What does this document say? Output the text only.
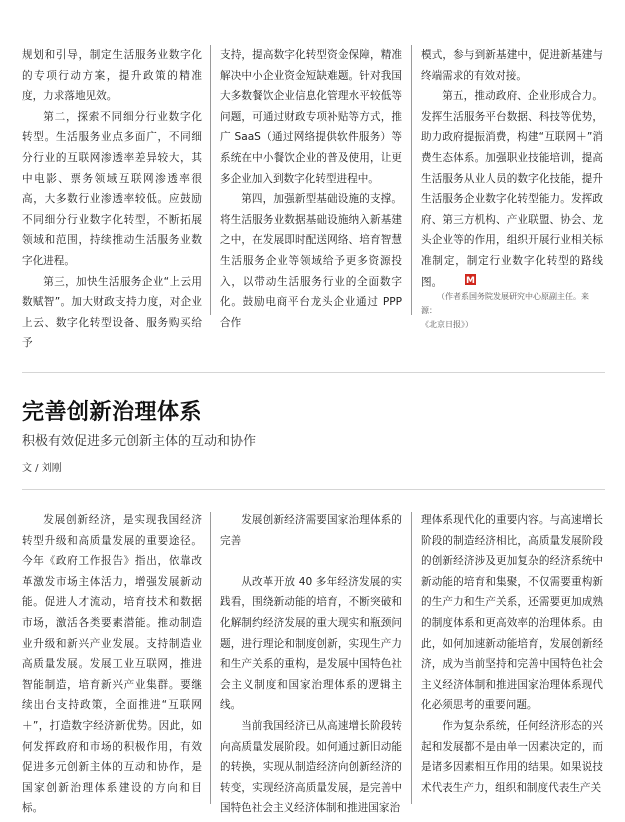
规划和引导，制定生活服务业数字化的专项行动方案，提升政策的精准度，力求落地见效。

第二，探索不同细分行业数字化转型。生活服务业点多面广，不同细分行业的互联网渗透率差异较大，其中电影、票务领域互联网渗透率很高，大多数行业渗透率较低。应鼓励不同细分行业数字化转型，不断拓展领域和范围，持续推动生活服务业数字化进程。

第三，加快生活服务企业“上云用数赋智”。加大财政支持力度，对企业上云、数字化转型设备、服务购买给予

支持，提高数字化转型资金保障，精准解决中小企业资金短缺难题。针对我国大多数餐饮企业信息化管理水平较低等问题，可通过财政专项补贴等方式，推广 SaaS（通过网络提供软件服务）等系统在中小餐饮企业的普及使用，让更多企业加入到数字化转型进程中。

第四，加强新型基础设施的支撑。将生活服务业数据基础设施纳入新基建之中，在发展即时配送网络、培育智慧生活服务企业等领域给予更多资源投入，以带动生活服务行业的全面数字化。鼓励电商平台龙头企业通过 PPP 合作

模式，参与到新基建中，促进新基建与终端需求的有效对接。

第五，推动政府、企业形成合力。发挥生活服务平台数据、科技等优势，助力政府提振消费，构建“互联网＋”消费生态体系。加强职业技能培训，提高生活服务从业人员的数字化技能，提升生活服务企业数字化转型能力。发挥政府、第三方机构、产业联盟、协会、龙头企业等的作用，组织开展行业相关标准制定，制定行业数字化转型的路线图。	M

（作者系国务院发展研究中心原副主任。来源：
《北京日报》）
完善创新治理体系
积极有效促进多元创新主体的互动和协作
文 / 刘刚

发展创新经济，是实现我国经济转型升级和高质量发展的重要途径。今年《政府工作报告》指出，依靠改革激发市场主体活力，增强发展新动能。促进人才流动，培育技术和数据市场，激活各类要素潜能。推动制造业升级和新兴产业发展。支持制造业高质量发展。发展工业互联网，推进智能制造，培育新兴产业集群。要继续出台支持政策，全面推进“互联网＋”，打造数字经济新优势。因此，如何发挥政府和市场的积极作用，有效促进多元创新主体的互动和协作，是国家创新治理体系建设的方向和目标。

发展创新经济需要国家治理体系的完善

从改革开放 40 多年经济发展的实践看，围绕新动能的培育，不断突破和化解制约经济发展的重大现实和瓶颈问题，进行理论和制度创新，实现生产力和生产关系的重构，是发展中国特色社会主义制度和国家治理体系的逻辑主线。

当前我国经济已从高速增长阶段转向高质量发展阶段。如何通过新旧动能的转换，实现从制造经济向创新经济的转变，实现经济高质量发展，是完善中国特色社会主义经济体制和推进国家治

理体系现代化的重要内容。与高速增长阶段的制造经济相比，高质量发展阶段的创新经济涉及更加复杂的经济系统中新动能的培育和集聚，不仅需要重构新的生产力和生产关系，还需要更加成熟的制度体系和更高效率的治理体系。由此，如何加速新动能培育，发展创新经济，成为当前坚持和完善中国特色社会主义经济体制和推进国家治理体系现代化必须思考的重要问题。

作为复杂系统，任何经济形态的兴起和发展都不是由单一因素决定的，而是诸多因素相互作用的结果。如果说技术代表生产力，组织和制度代表生产关
